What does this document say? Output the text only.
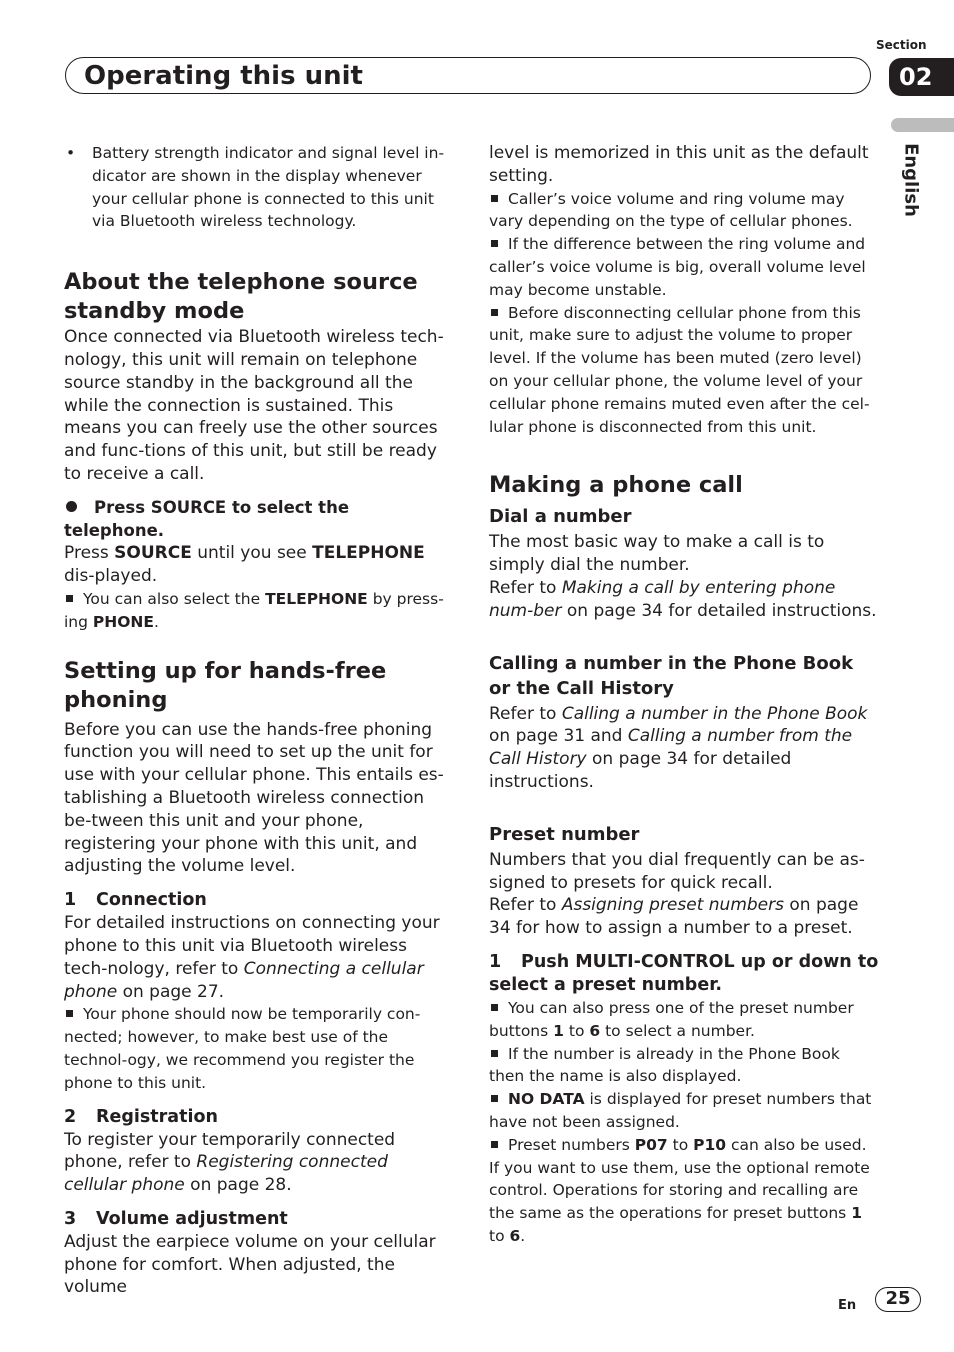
Section
Operating this unit	02
English
•	Battery strength indicator and signal level in-dicator are shown in the display whenever your cellular phone is connected to this unit via Bluetooth wireless technology.
About the telephone source
standby mode

Once connected via Bluetooth wireless tech-nology, this unit will remain on telephone source standby in the background all the while the connection is sustained. This means you can freely use the other sources and func-tions of this unit, but still be ready to receive a call.

Press SOURCE to select the telephone.

Press SOURCE until you see TELEPHONE dis-played.

You can also select the TELEPHONE by press-ing PHONE.

Setting up for hands-free phoning

Before you can use the hands-free phoning function you will need to set up the unit for use with your cellular phone. This entails es-tablishing a Bluetooth wireless connection be-tween this unit and your phone, registering your phone with this unit, and adjusting the volume level.

1 Connection

For detailed instructions on connecting your phone to this unit via Bluetooth wireless tech-nology, refer to Connecting a cellular phone on page 27.

Your phone should now be temporarily con-nected; however, to make best use of the technol-ogy, we recommend you register the phone to this unit.

2 Registration

To register your temporarily connected phone, refer to Registering connected cellular phone on page 28.

3 Volume adjustment

Adjust the earpiece volume on your cellular phone for comfort. When adjusted, the volume

level is memorized in this unit as the default setting.

Caller’s voice volume and ring volume may vary depending on the type of cellular phones.

If the difference between the ring volume and caller’s voice volume is big, overall volume level may become unstable.

Before disconnecting cellular phone from this unit, make sure to adjust the volume to proper level. If the volume has been muted (zero level) on your cellular phone, the volume level of your cellular phone remains muted even after the cel-lular phone is disconnected from this unit.

Making a phone call
Dial a number

The most basic way to make a call is to simply dial the number.

Refer to Making a call by entering phone num-ber on page 34 for detailed instructions.

Calling a number in the Phone Book
or the Call History

Refer to Calling a number in the Phone Book on page 31 and Calling a number from the Call History on page 34 for detailed instructions.

Preset number

Numbers that you dial frequently can be as-signed to presets for quick recall.

Refer to Assigning preset numbers on page 34 for how to assign a number to a preset.

1 Push MULTI-CONTROL up or down to select a preset number.

You can also press one of the preset number buttons 1 to 6 to select a number.

If the number is already in the Phone Book then the name is also displayed.

NO DATA is displayed for preset numbers that have not been assigned.

Preset numbers P07 to P10 can also be used. If you want to use them, use the optional remote control. Operations for storing and recalling are the same as the operations for preset buttons 1 to 6.

En	25
